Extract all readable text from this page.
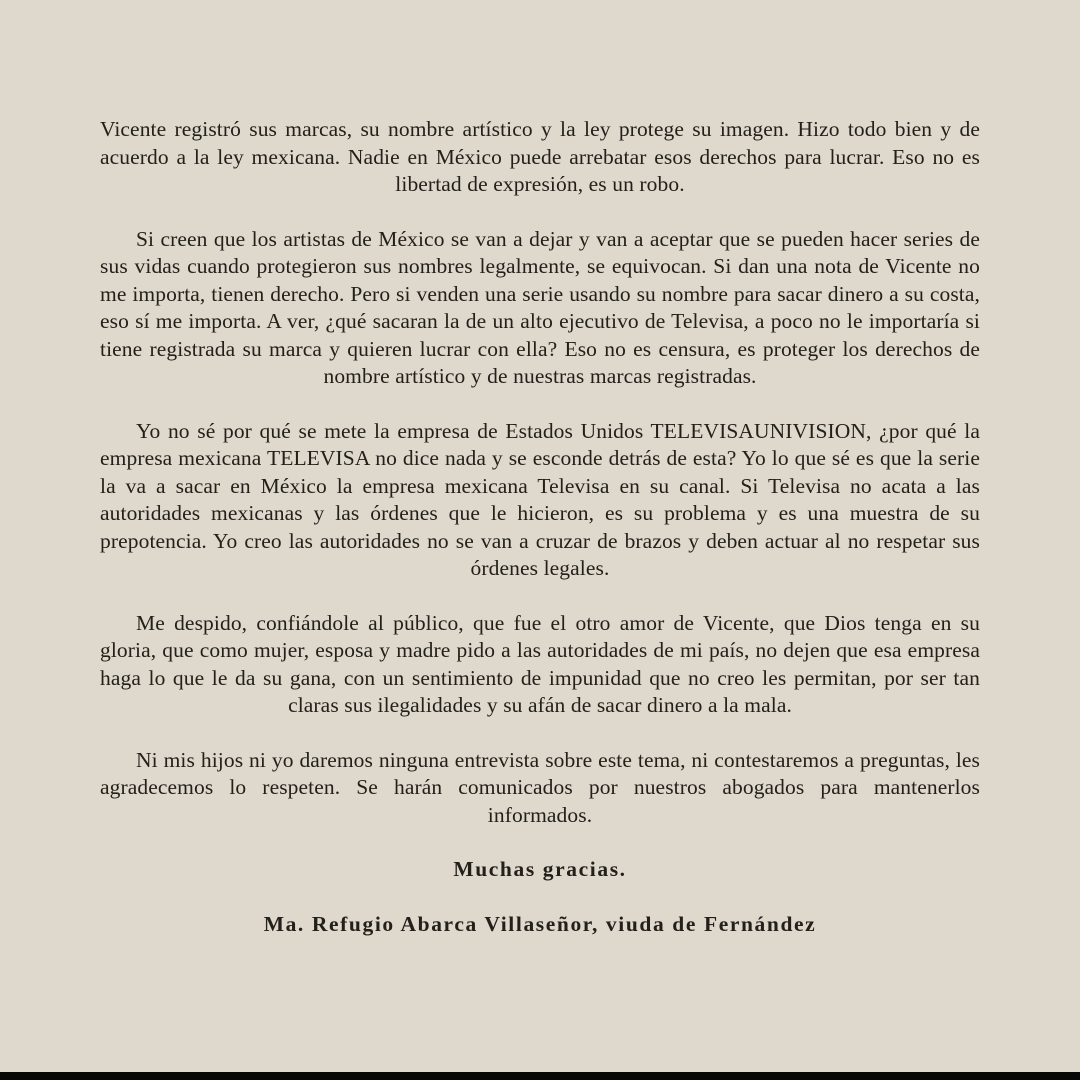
Vicente registró sus marcas, su nombre artístico y la ley protege su imagen. Hizo todo bien y de acuerdo a la ley mexicana. Nadie en México puede arrebatar esos derechos para lucrar. Eso no es libertad de expresión, es un robo.

Si creen que los artistas de México se van a dejar y van a aceptar que se pueden hacer series de sus vidas cuando protegieron sus nombres legalmente, se equivocan. Si dan una nota de Vicente no me importa, tienen derecho. Pero si venden una serie usando su nombre para sacar dinero a su costa, eso sí me importa. A ver, ¿qué sacaran la de un alto ejecutivo de Televisa, a poco no le importaría si tiene registrada su marca y quieren lucrar con ella? Eso no es censura, es proteger los derechos de nombre artístico y de nuestras marcas registradas.

Yo no sé por qué se mete la empresa de Estados Unidos TELEVISAUNIVISION, ¿por qué la empresa mexicana TELEVISA no dice nada y se esconde detrás de esta? Yo lo que sé es que la serie la va a sacar en México la empresa mexicana Televisa en su canal. Si Televisa no acata a las autoridades mexicanas y las órdenes que le hicieron, es su problema y es una muestra de su prepotencia. Yo creo las autoridades no se van a cruzar de brazos y deben actuar al no respetar sus órdenes legales.

Me despido, confiándole al público, que fue el otro amor de Vicente, que Dios tenga en su gloria, que como mujer, esposa y madre pido a las autoridades de mi país, no dejen que esa empresa haga lo que le da su gana, con un sentimiento de impunidad que no creo les permitan, por ser tan claras sus ilegalidades y su afán de sacar dinero a la mala.

Ni mis hijos ni yo daremos ninguna entrevista sobre este tema, ni contestaremos a preguntas, les agradecemos lo respeten. Se harán comunicados por nuestros abogados para mantenerlos informados.

Muchas gracias.

Ma. Refugio Abarca Villaseñor, viuda de Fernández
